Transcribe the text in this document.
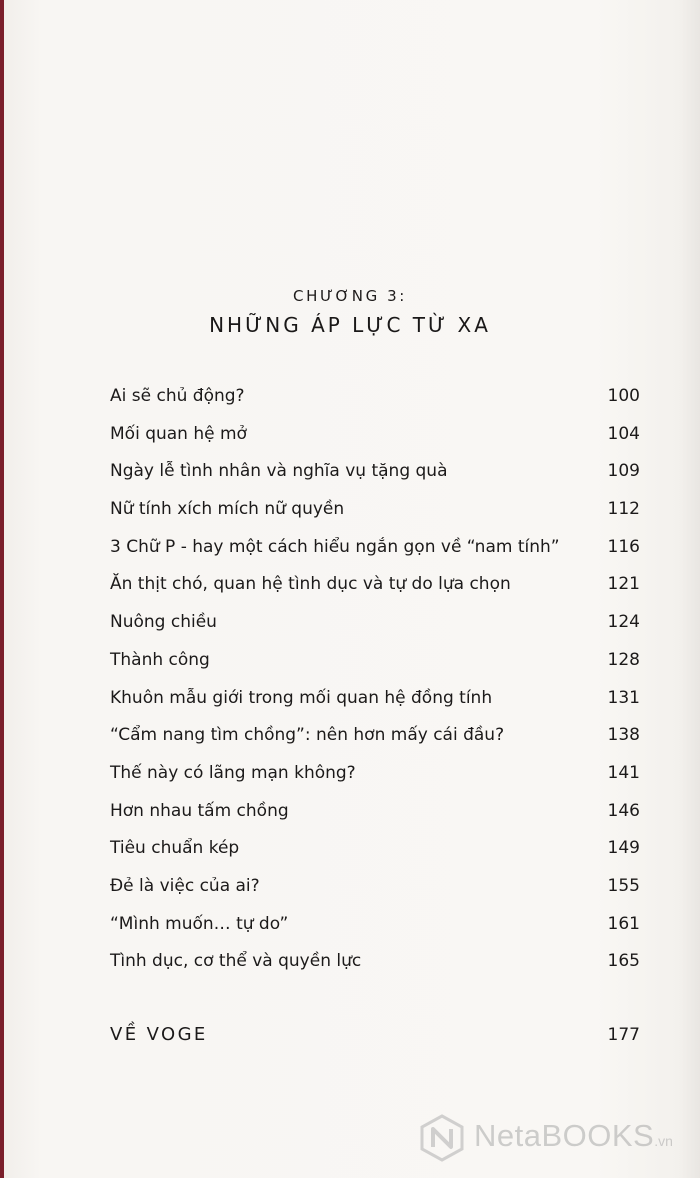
CHƯƠNG 3:
NHỮNG ÁP LỰC TỪ XA
Ai sẽ chủ động?	100
Mối quan hệ mở	104
Ngày lễ tình nhân và nghĩa vụ tặng quà	109
Nữ tính xích mích nữ quyền	112
3 Chữ P - hay một cách hiểu ngắn gọn về “nam tính”	116
Ăn thịt chó, quan hệ tình dục và tự do lựa chọn	121
Nuông chiều	124
Thành công	128
Khuôn mẫu giới trong mối quan hệ đồng tính	131
“Cẩm nang tìm chồng”: nên hơn mấy cái đầu?	138
Thế này có lãng mạn không?	141
Hơn nhau tấm chồng	146
Tiêu chuẩn kép	149
Đẻ là việc của ai?	155
“Mình muốn… tự do”	161
Tình dục, cơ thể và quyền lực	165
VỀ VOGE	177
NetaBOOKS.vn
